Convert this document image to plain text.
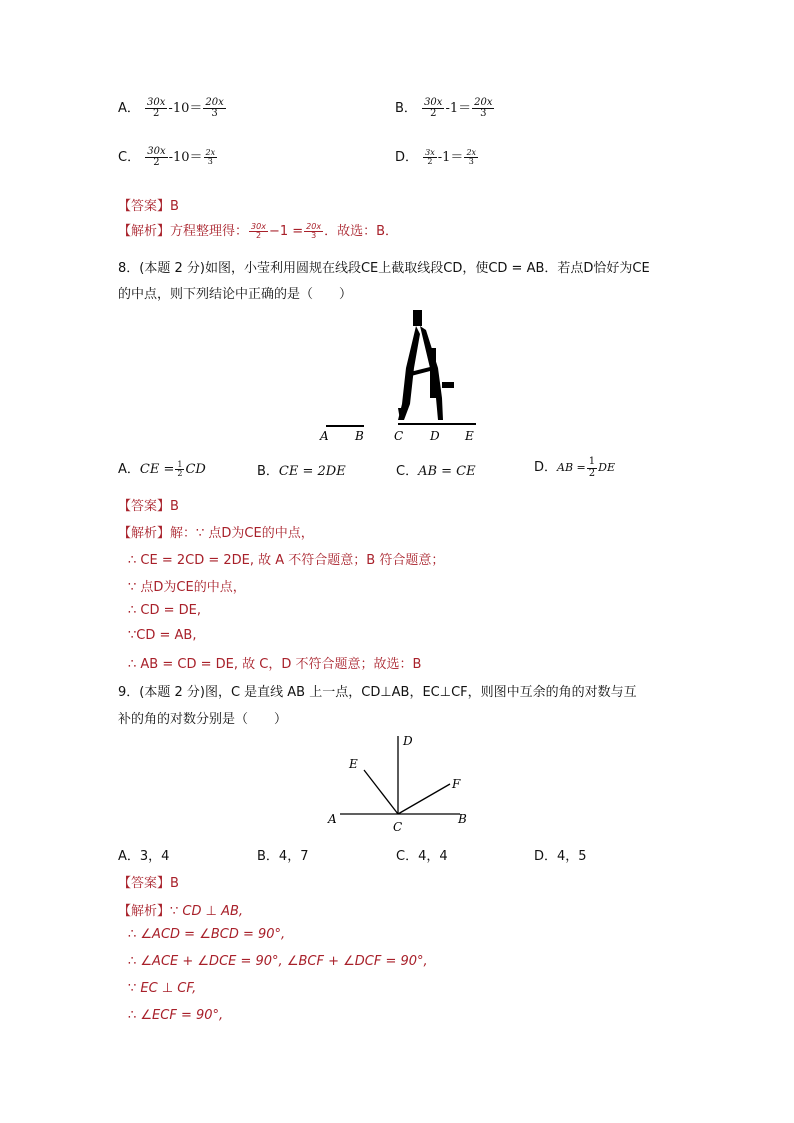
A． $\frac{30x}{2} -10= \frac{20x}{3}$	B． $\frac{30x}{2} -1= \frac{20x}{3}$
C． $\frac{30x}{2} -10= \frac{2x}{3}$	D． $\frac{3x}{2} -1= \frac{2x}{3}$
【答案】B
【解析】方程整理得： $\frac{30x}{2} -1 = \frac{20x}{3}$ ．故选：B．
8．(本题 2 分)如图，小莹利用圆规在线段CE上截取线段CD，使CD = AB．若点D恰好为CE
的中点，则下列结论中正确的是（　　）
A B	C D E
A．CE = $\frac{1}{2}$ CD	B．CE = 2DE	C．AB = CE	D．AB = $\frac{1}{2}$ DE
【答案】B
【解析】解：∵ 点D为CE的中点，
∴ CE = 2CD = 2DE, 故 A 不符合题意；B 符合题意；
∵ 点D为CE的中点，
∴ CD = DE,
∵CD = AB,
∴ AB = CD = DE, 故 C，D 不符合题意；故选：B
9．(本题 2 分)图，C 是直线 AB 上一点，CD⊥AB，EC⊥CF，则图中互余的角的对数与互
补的角的对数分别是（　　）
A	B
C
D
E
F
A．3，4	B．4，7	C．4，4	D．4，5
【答案】B
【解析】∵ CD ⊥ AB,
∴ ∠ACD = ∠BCD = 90°,
∴ ∠ACE + ∠DCE = 90°, ∠BCF + ∠DCF = 90°,
∵ EC ⊥ CF,
∴ ∠ECF = 90°,
